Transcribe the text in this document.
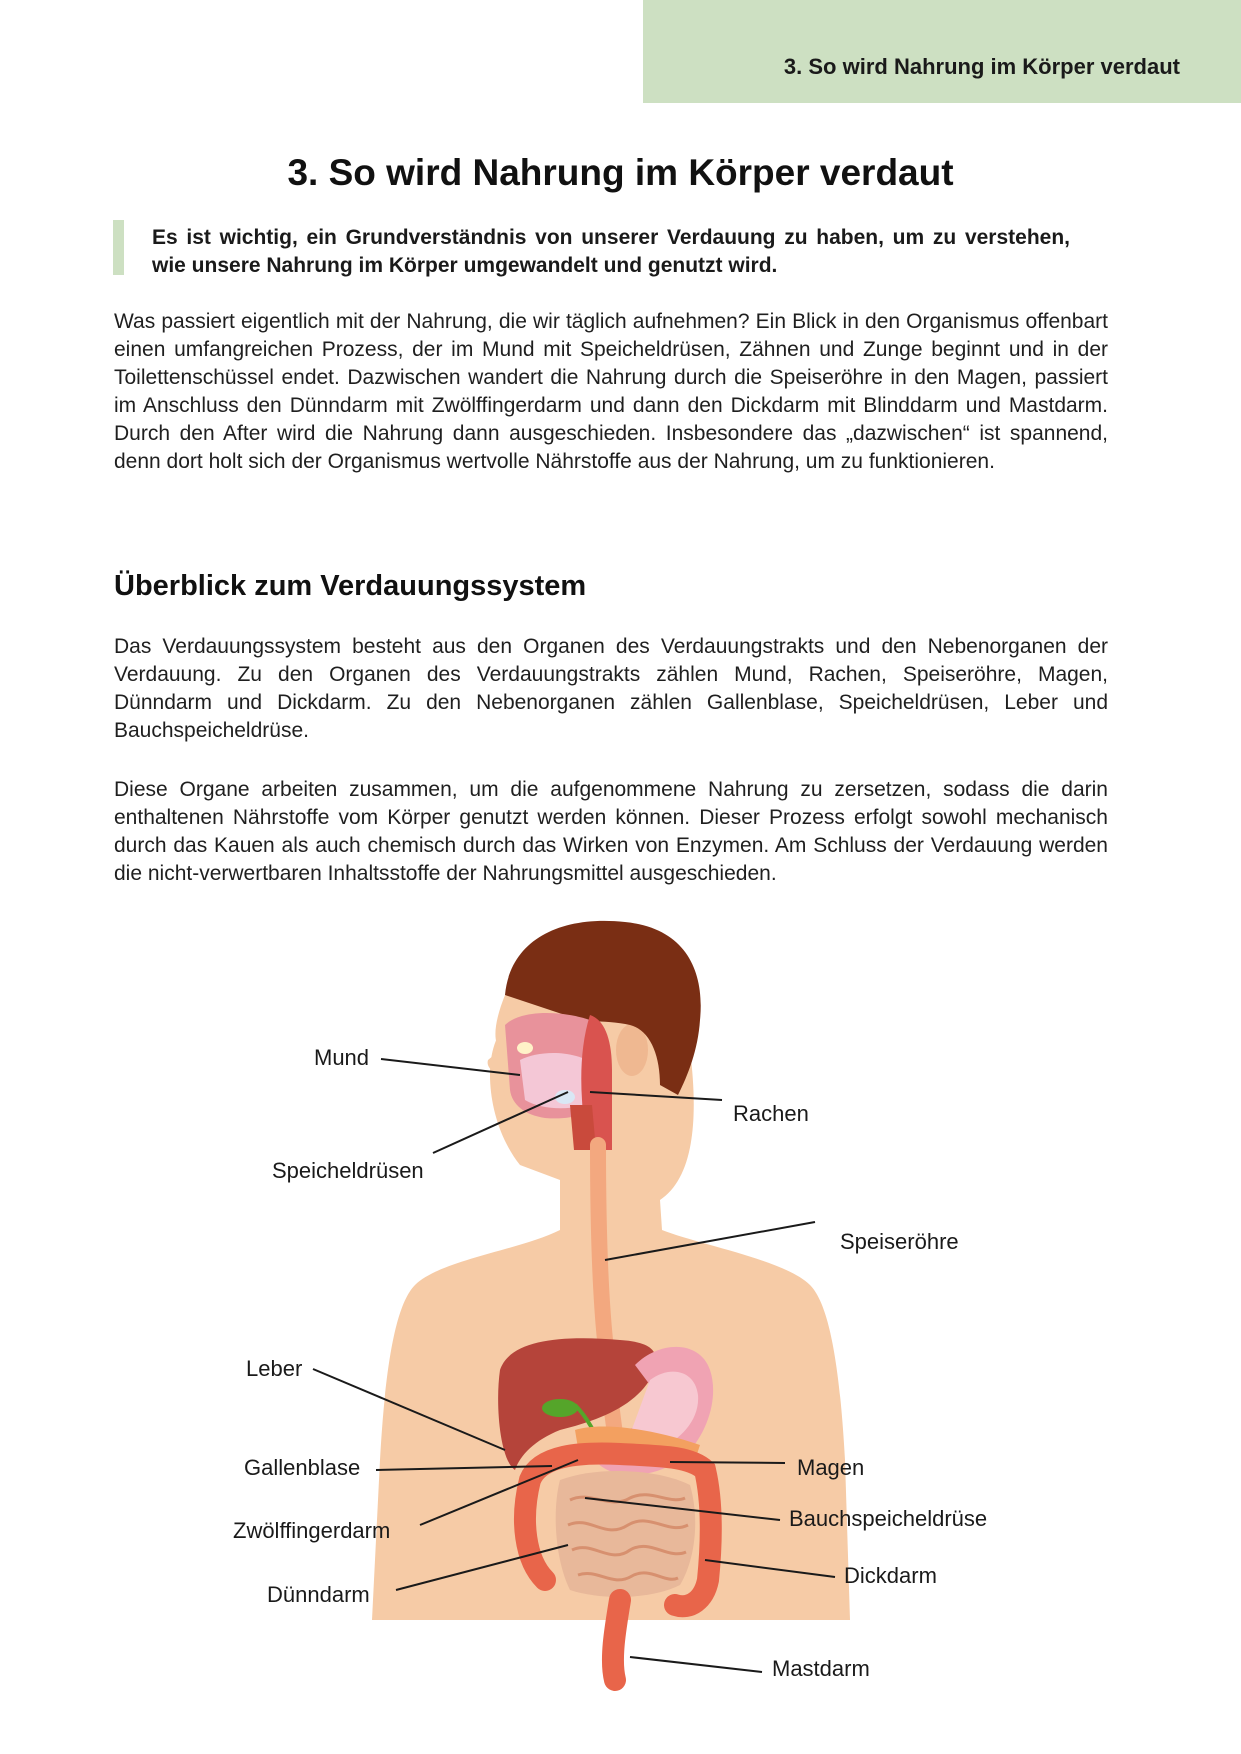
3. So wird Nahrung im Körper verdaut
3. So wird Nahrung im Körper verdaut

Es ist wichtig, ein Grundverständnis von unserer Verdauung zu haben, um zu verstehen, wie unsere Nahrung im Körper umgewandelt und genutzt wird.

Was passiert eigentlich mit der Nahrung, die wir täglich aufnehmen? Ein Blick in den Organismus offenbart einen umfangreichen Prozess, der im Mund mit Speicheldrüsen, Zähnen und Zunge beginnt und in der Toilettenschüssel endet. Dazwischen wandert die Nahrung durch die Speiseröhre in den Magen, passiert im Anschluss den Dünndarm mit Zwölffingerdarm und dann den Dickdarm mit Blinddarm und Mastdarm. Durch den After wird die Nahrung dann ausgeschieden. Insbesondere das „dazwischen“ ist spannend, denn dort holt sich der Organismus wertvolle Nährstoffe aus der Nahrung, um zu funktionieren.

Überblick zum Verdauungssystem

Das Verdauungssystem besteht aus den Organen des Verdauungstrakts und den Nebenorganen der Verdauung. Zu den Organen des Verdauungstrakts zählen Mund, Rachen, Speiseröhre, Magen, Dünndarm und Dickdarm. Zu den Nebenorganen zählen Gallenblase, Speicheldrüsen, Leber und Bauchspeicheldrüse.

Diese Organe arbeiten zusammen, um die aufgenommene Nahrung zu zersetzen, sodass die darin enthaltenen Nährstoffe vom Körper genutzt werden können. Dieser Prozess erfolgt sowohl mechanisch durch das Kauen als auch chemisch durch das Wirken von Enzymen. Am Schluss der Verdauung werden die nicht-verwertbaren Inhaltsstoffe der Nahrungsmittel ausgeschieden.

Mund
Rachen
Speicheldrüsen
Speiseröhre
Leber
Gallenblase	Magen
Zwölffingerdarm	Bauchspeicheldrüse
Dünndarm
Dickdarm
Mastdarm
